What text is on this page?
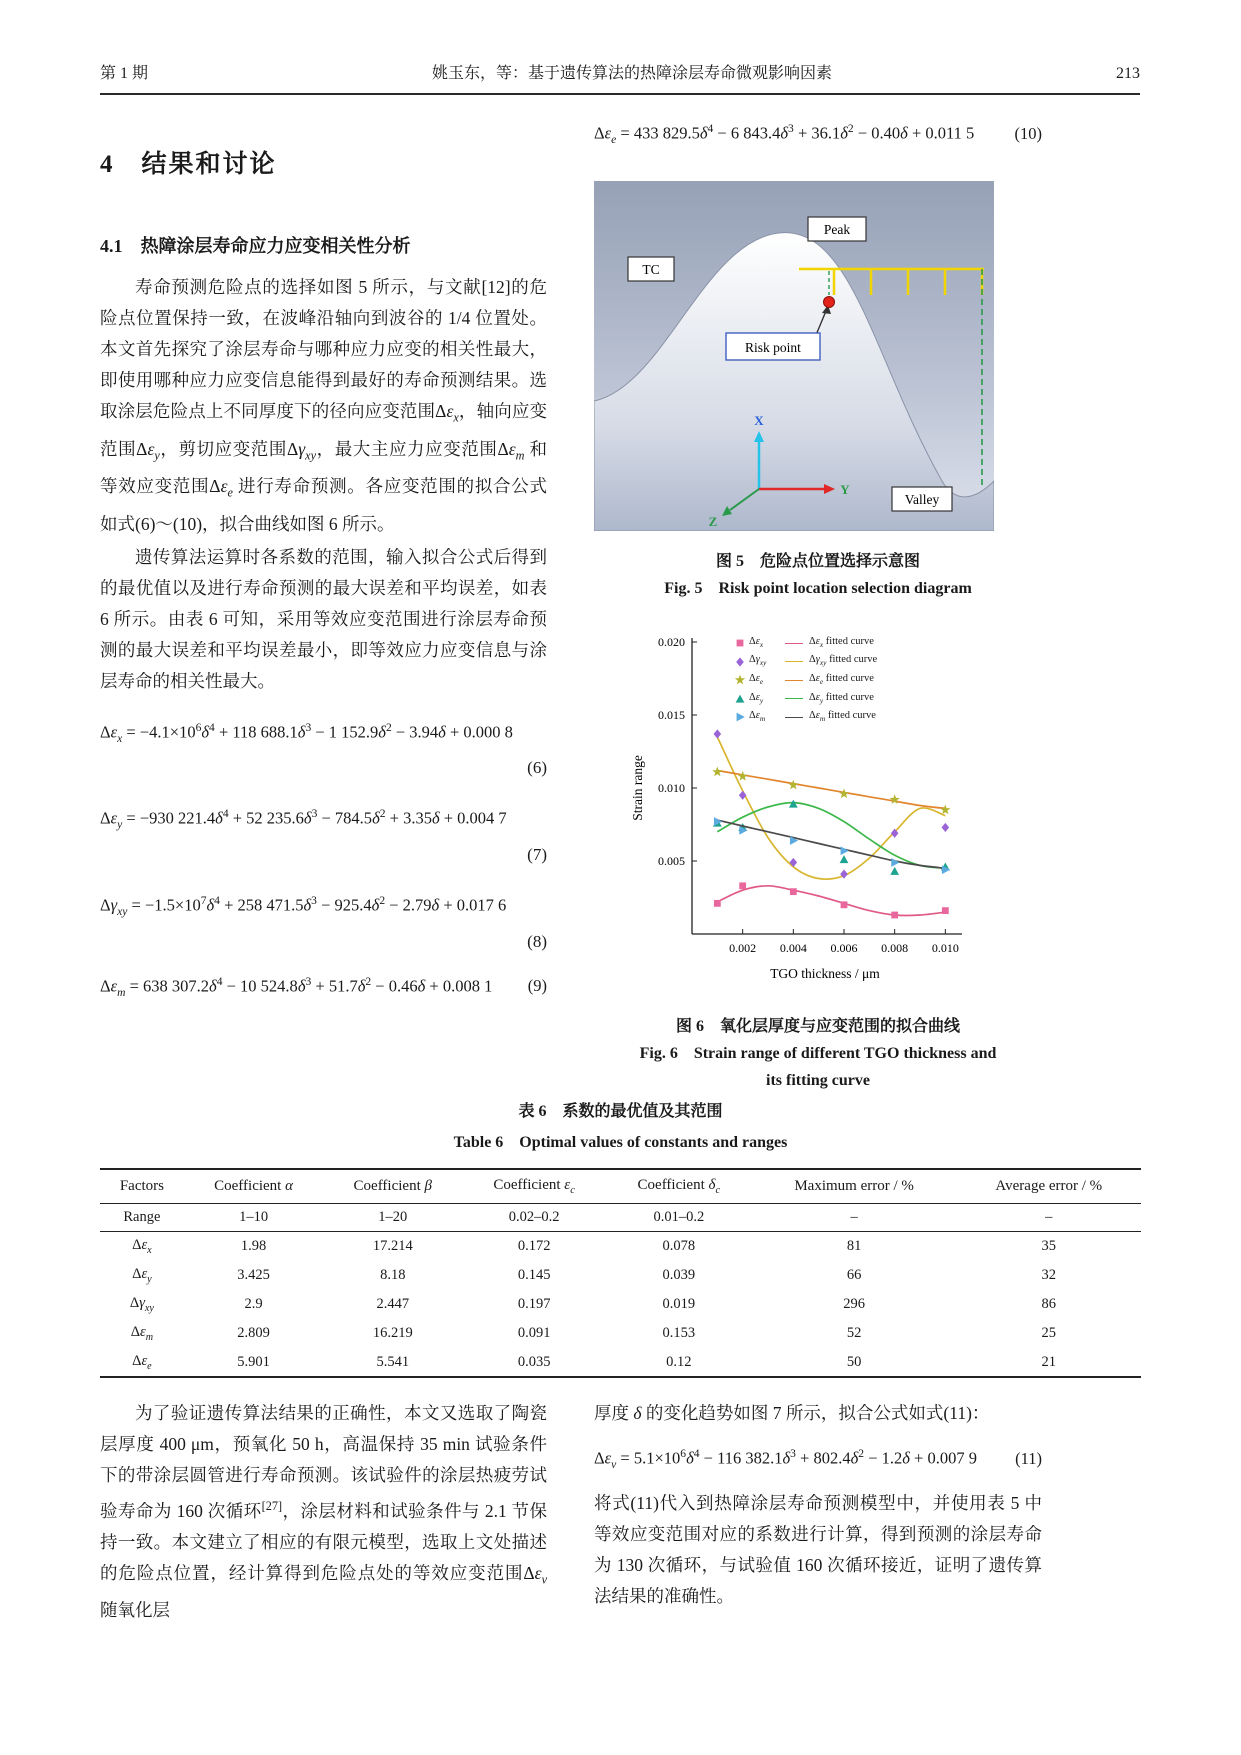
第 1 期	姚玉东，等：基于遗传算法的热障涂层寿命微观影响因素	213
4　结果和讨论
4.1　热障涂层寿命应力应变相关性分析

寿命预测危险点的选择如图 5 所示，与文献[12]的危险点位置保持一致，在波峰沿轴向到波谷的 1/4 位置处。本文首先探究了涂层寿命与哪种应力应变的相关性最大，即使用哪种应力应变信息能得到最好的寿命预测结果。选取涂层危险点上不同厚度下的径向应变范围$\Delta\varepsilon_x$，轴向应变范围$\Delta\varepsilon_y$，剪切应变范围$\Delta\gamma_{xy}$，最大主应力应变范围$\Delta\varepsilon_m$ 和等效应变范围$\Delta\varepsilon_e$ 进行寿命预测。各应变范围的拟合公式如式(6)～(10)，拟合曲线如图 6 所示。

遗传算法运算时各系数的范围，输入拟合公式后得到的最优值以及进行寿命预测的最大误差和平均误差，如表 6 所示。由表 6 可知，采用等效应变范围进行涂层寿命预测的最大误差和平均误差最小，即等效应力应变信息与涂层寿命的相关性最大。

$\Delta\varepsilon_x = -4.1\times 10^6\delta^4 + 118$ $688.1\delta^3 - 1$ $152.9\delta^2 - 3.94\delta + 0.000$ 8
(6)
$\Delta\varepsilon_y = -930$ $221.4\delta^4 + 52$ $235.6\delta^3 - 784.5\delta^2 + 3.35\delta + 0.004$ 7
(7)
$\Delta\gamma_{xy} = -1.5\times 10^7\delta^4 + 258$ $471.5\delta^3 - 925.4\delta^2 - 2.79\delta + 0.017$ 6
(8)
$\Delta\varepsilon_m = 638$ $307.2\delta^4 - 10$ $524.8\delta^3 + 51.7\delta^2 - 0.46\delta + 0.008$ 1 (9)
$\Delta\varepsilon_e = 433$ $829.5\delta^4 - 6$ $843.4\delta^3 + 36.1\delta^2 - 0.40\delta + 0.011$ 5 (10)
TC
Peak
Risk point
Valley
X
Y
Z

图 5　危险点位置选择示意图

Fig. 5　Risk point location selection diagram

0.002 0.004 0.006 0.008 0.010
0.005
0.010
0.015
0.020
TGO thickness / μm
Strain range
$\Delta\varepsilon_x$	$\Delta\varepsilon_x$ fitted curve
$\Delta\gamma_{xy}$	$\Delta\gamma_{xy}$ fitted curve
$\Delta\varepsilon_e$	$\Delta\varepsilon_e$ fitted curve
$\Delta\varepsilon_y$	$\Delta\varepsilon_y$ fitted curve
$\Delta\varepsilon_m$	$\Delta\varepsilon_m$ fitted curve

图 6　氧化层厚度与应变范围的拟合曲线

Fig. 6　Strain range of different TGO thickness and

its fitting curve

表 6　系数的最优值及其范围

Table 6　Optimal values of constants and ranges

Factors	Coefficient α	Coefficient β	Coefficient $\varepsilon_c$	Coefficient $\delta_c$	Maximum error / %	Average error / %
Range	1–10	1–20	0.02–0.2	0.01–0.2	–	–
$\Delta\varepsilon_x$	1.98	17.214	0.172	0.078	81	35
$\Delta\varepsilon_y$	3.425	8.18	0.145	0.039	66	32
$\Delta\gamma_{xy}$	2.9	2.447	0.197	0.019	296	86
$\Delta\varepsilon_m$	2.809	16.219	0.091	0.153	52	25
$\Delta\varepsilon_e$	5.901	5.541	0.035	0.12	50	21

为了验证遗传算法结果的正确性，本文又选取了陶瓷层厚度 400 μm，预氧化 50 h，高温保持 35 min 试验条件下的带涂层圆管进行寿命预测。该试验件的涂层热疲劳试验寿命为 160 次循环[27]，涂层材料和试验条件与 2.1 节保持一致。本文建立了相应的有限元模型，选取上文处描述的危险点位置，经计算得到危险点处的等效应变范围$\Delta\varepsilon_v$ 随氧化层

厚度 δ 的变化趋势如图 7 所示，拟合公式如式(11)：

$\Delta\varepsilon_v = 5.1\times 10^6\delta^4 - 116$ $382.1\delta^3 + 802.4\delta^2 - 1.2\delta + 0.007$ 9 (11)

将式(11)代入到热障涂层寿命预测模型中，并使用表 5 中等效应变范围对应的系数进行计算，得到预测的涂层寿命为 130 次循环，与试验值 160 次循环接近，证明了遗传算法结果的准确性。
